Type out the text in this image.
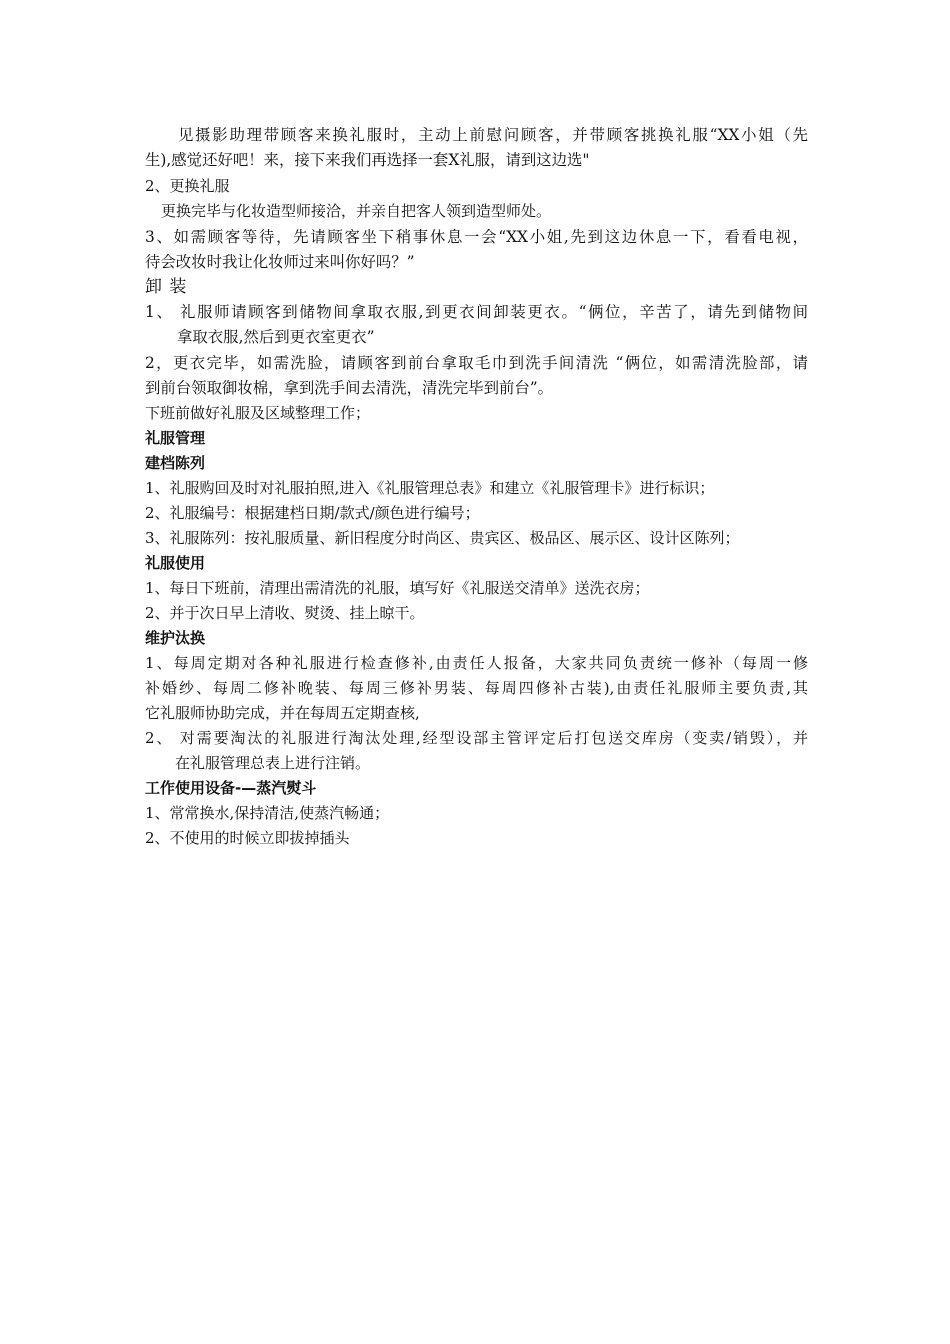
见摄影助理带顾客来换礼服时，主动上前慰问顾客，并带顾客挑换礼服“XX小姐（先
生),感觉还好吧！来，接下来我们再选择一套X礼服，请到这边选"
2、更换礼服
更换完毕与化妆造型师接洽，并亲自把客人领到造型师处。
3、如需顾客等待，先请顾客坐下稍事休息一会“XX小姐,先到这边休息一下，看看电视，
待会改妆时我让化妆师过来叫你好吗？”
卸 装
1、 礼服师请顾客到储物间拿取衣服,到更衣间卸装更衣。“俩位，辛苦了，请先到储物间
拿取衣服,然后到更衣室更衣”
2，更衣完毕，如需洗脸，请顾客到前台拿取毛巾到洗手间清洗 “俩位，如需清洗脸部，请
到前台领取御妆棉，拿到洗手间去清洗，清洗完毕到前台”。
下班前做好礼服及区域整理工作；
礼服管理
建档陈列
1、礼服购回及时对礼服拍照,进入《礼服管理总表》和建立《礼服管理卡》进行标识；
2、礼服编号：根据建档日期/款式/颜色进行编号；
3、礼服陈列：按礼服质量、新旧程度分时尚区、贵宾区、极品区、展示区、设计区陈列；
礼服使用
1、每日下班前，清理出需清洗的礼服，填写好《礼服送交清单》送洗衣房；
2、并于次日早上清收、熨烫、挂上晾干。
维护汰换
1、每周定期对各种礼服进行检查修补,由责任人报备，大家共同负责统一修补（每周一修
补婚纱、每周二修补晚装、每周三修补男装、每周四修补古装),由责任礼服师主要负责,其
它礼服师协助完成，并在每周五定期查核,
2、 对需要淘汰的礼服进行淘汰处理,经型设部主管评定后打包送交库房（变卖/销毁），并
在礼服管理总表上进行注销。
工作使用设备-—蒸汽熨斗
1、常常换水,保持清洁,使蒸汽畅通；
2、不使用的时候立即拔掉插头
